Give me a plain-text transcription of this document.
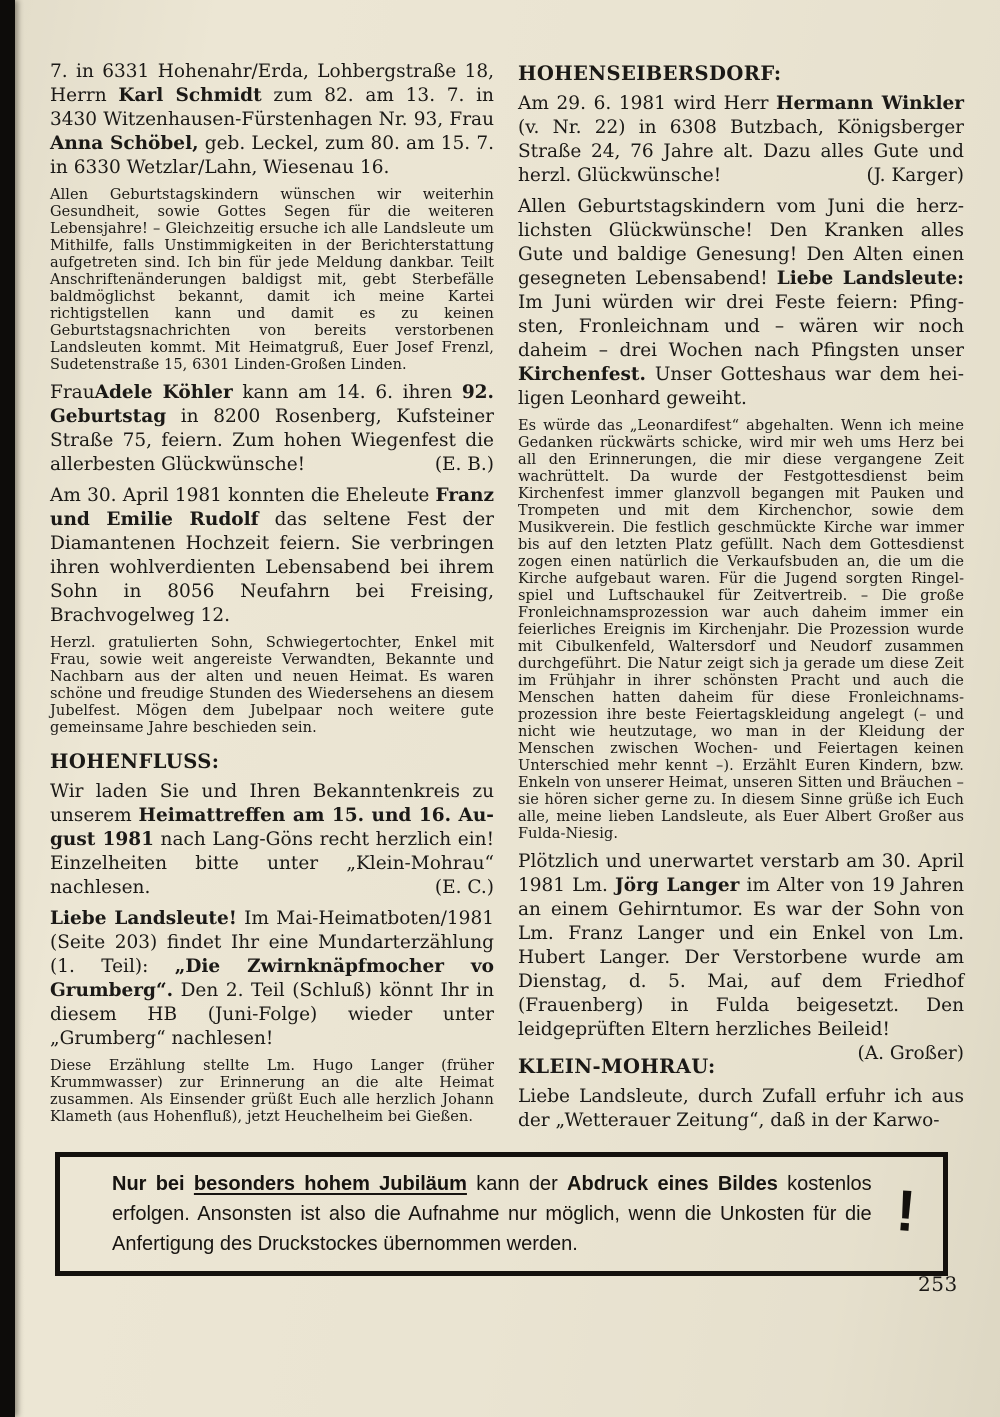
7. in 6331 Hohenahr/Erda, Lohbergstraße 18, Herrn Karl Schmidt zum 82. am 13. 7. in 3430 Witzenhausen-Fürstenhagen Nr. 93, Frau Anna Schöbel, geb. Leckel, zum 80. am 15. 7. in 6330 Wetzlar/Lahn, Wiesenau 16.

Allen Geburtstagskindern wünschen wir weiterhin Gesundheit, sowie Gottes Segen für die weiteren Lebensjahre! – Gleichzeitig ersuche ich alle Landsleute um Mithilfe, falls Unstimmigkeiten in der Berichterstattung aufgetreten sind. Ich bin für jede Meldung dankbar. Teilt Anschriftenänderungen baldigst mit, gebt Sterbefälle baldmöglichst bekannt, damit ich meine Kartei richtigstellen kann und damit es zu keinen Geburtstagsnachrichten von bereits verstorbenen Landsleuten kommt. Mit Heimatgruß, Euer Josef Frenzl, Sudetenstraße 15, 6301 Linden-Großen Linden.

FrauAdele Köhler kann am 14. 6. ihren 92. Geburtstag in 8200 Rosenberg, Kufsteiner Straße 75, feiern. Zum hohen Wiegenfest die allerbesten Glückwünsche!	(E. B.)

Am 30. April 1981 konnten die Eheleute Franz und Emilie Rudolf das seltene Fest der Diamantenen Hochzeit feiern. Sie verbringen ihren wohlverdienten Lebensabend bei ihrem Sohn in 8056 Neufahrn bei Freising, Brachvogelweg 12.

Herzl. gratulierten Sohn, Schwiegertochter, Enkel mit Frau, sowie weit angereiste Verwandten, Bekannte und Nachbarn aus der alten und neuen Heimat. Es waren schöne und freudige Stunden des Wiedersehens an diesem Jubelfest. Mögen dem Jubelpaar noch weitere gute gemeinsame Jahre beschieden sein.

HOHENFLUSS:

Wir laden Sie und Ihren Bekanntenkreis zu unserem Heimattreffen am 15. und 16. August 1981 nach Lang-Göns recht herzlich ein! Einzelheiten bitte unter „Klein-Mohrau“ nachlesen.	(E. C.)

Liebe Landsleute! Im Mai-Heimatboten/1981 (Seite 203) findet Ihr eine Mundarterzählung (1. Teil): „Die Zwirnknäpfmocher vo Grumberg“. Den 2. Teil (Schluß) könnt Ihr in diesem HB (Juni-Folge) wieder unter „Grumberg“ nachlesen!

Diese Erzählung stellte Lm. Hugo Langer (früher Krummwasser) zur Erinnerung an die alte Heimat zusammen. Als Einsender grüßt Euch alle herzlich Johann Klameth (aus Hohenfluß), jetzt Heuchelheim bei Gießen.

HOHENSEIBERSDORF:

Am 29. 6. 1981 wird Herr Hermann Winkler (v. Nr. 22) in 6308 Butzbach, Königsberger Straße 24, 76 Jahre alt. Dazu alles Gute und herzl. Glückwünsche!	(J. Karger)

Allen Geburtstagskindern vom Juni die herzlichsten Glückwünsche! Den Kranken alles Gute und baldige Genesung! Den Alten einen gesegneten Lebensabend! Liebe Landsleute: Im Juni würden wir drei Feste feiern: Pfingsten, Fronleichnam und – wären wir noch daheim – drei Wochen nach Pfingsten unser Kirchenfest. Unser Gotteshaus war dem heiligen Leonhard geweiht.

Es würde das „Leonardifest“ abgehalten. Wenn ich meine Gedanken rückwärts schicke, wird mir weh ums Herz bei all den Erinnerungen, die mir diese vergangene Zeit wachrüttelt. Da wurde der Festgottesdienst beim Kirchenfest immer glanzvoll begangen mit Pauken und Trompeten und mit dem Kirchenchor, sowie dem Musikverein. Die festlich geschmückte Kirche war immer bis auf den letzten Platz gefüllt. Nach dem Gottesdienst zogen einen natürlich die Verkaufsbuden an, die um die Kirche aufgebaut waren. Für die Jugend sorgten Ringelspiel und Luftschaukel für Zeitvertreib. – Die große Fronleichnamsprozession war auch daheim immer ein feierliches Ereignis im Kirchenjahr. Die Prozession wurde mit Cibulkenfeld, Waltersdorf und Neudorf zusammen durchgeführt. Die Natur zeigt sich ja gerade um diese Zeit im Frühjahr in ihrer schönsten Pracht und auch die Menschen hatten daheim für diese Fronleichnamsprozession ihre beste Feiertagskleidung angelegt (– und nicht wie heutzutage, wo man in der Kleidung der Menschen zwischen Wochen- und Feiertagen keinen Unterschied mehr kennt –). Erzählt Euren Kindern, bzw. Enkeln von unserer Heimat, unseren Sitten und Bräuchen – sie hören sicher gerne zu. In diesem Sinne grüße ich Euch alle, meine lieben Landsleute, als Euer Albert Großer aus Fulda-Niesig.

Plötzlich und unerwartet verstarb am 30. April 1981 Lm. Jörg Langer im Alter von 19 Jahren an einem Gehirntumor. Es war der Sohn von Lm. Franz Langer und ein Enkel von Lm. Hubert Langer. Der Verstorbene wurde am Dienstag, d. 5. Mai, auf dem Friedhof (Frauenberg) in Fulda beigesetzt. Den leidgeprüften Eltern herzliches Beileid!
(A. Großer)

KLEIN-MOHRAU:

Liebe Landsleute, durch Zufall erfuhr ich aus der „Wetterauer Zeitung“, daß in der Karwo-

Nur bei besonders hohem Jubiläum kann der Abdruck eines Bildes kostenlos erfolgen. Ansonsten ist also die Aufnahme nur möglich, wenn die Unkosten für die Anfertigung des Druckstockes übernommen werden.
!
253
